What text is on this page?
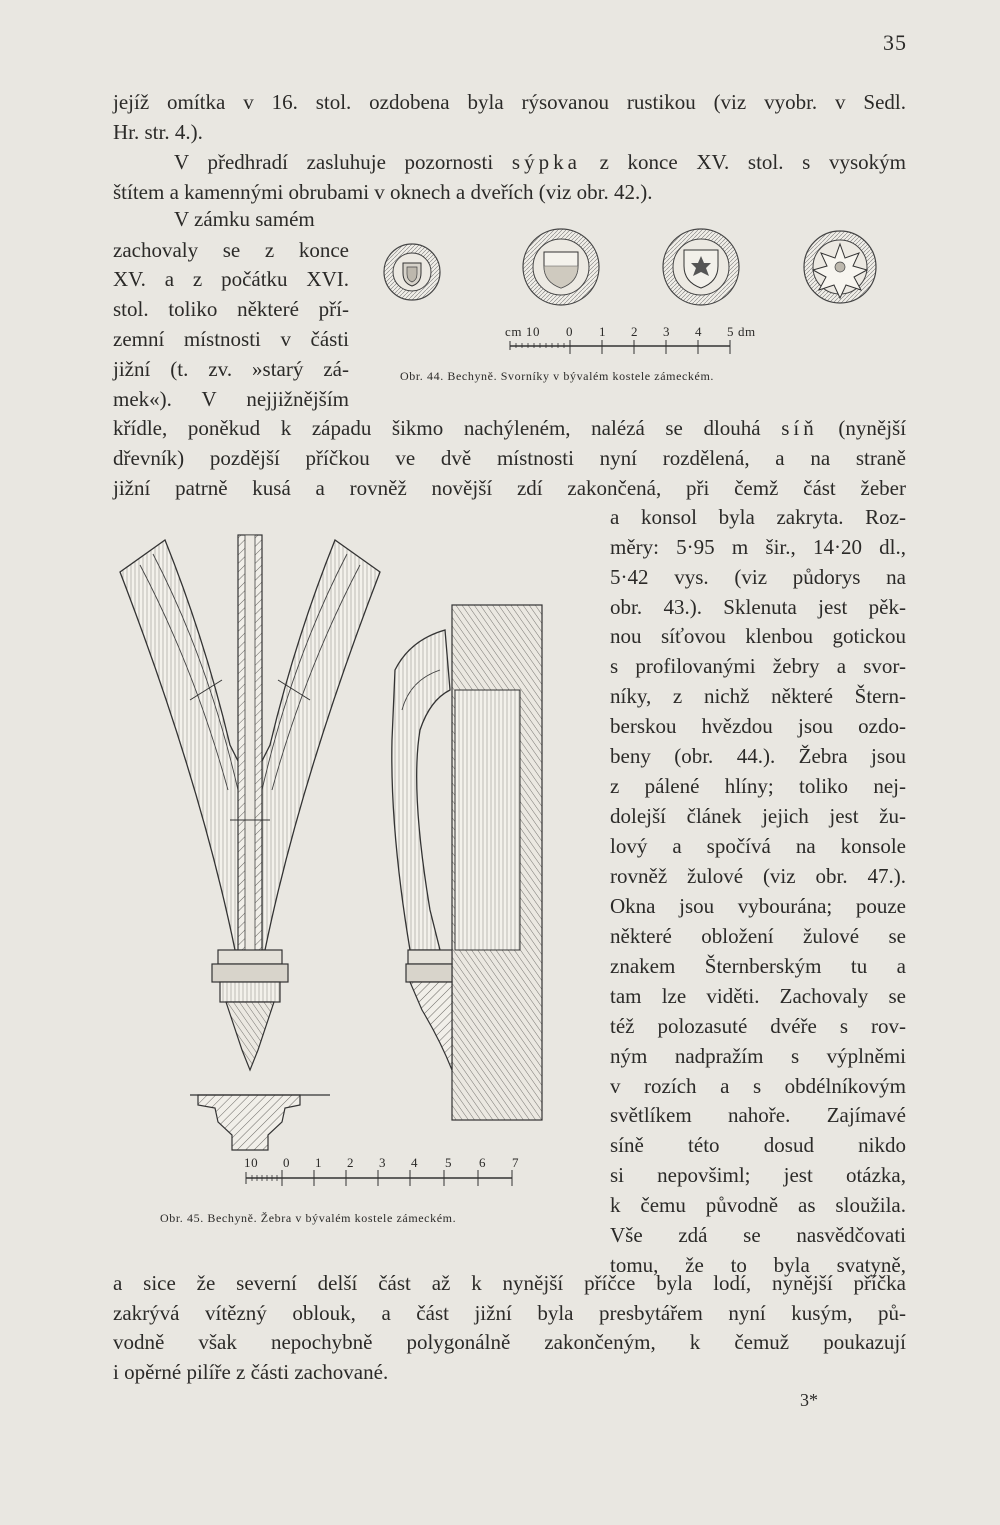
35
jejíž omítka v 16. stol. ozdobena byla rýsovanou rustikou (viz vyobr. v Sedl.
Hr. str. 4.).
V předhradí zasluhuje pozornosti sýpka z konce XV. stol. s vysokým
štítem a kamennými obrubami v oknech a dveřích (viz obr. 42.).
V zámku samém
zachovaly se z konce
XV. a z počátku XVI.
stol. toliko některé pří-
zemní místnosti v části
jižní (t. zv. »starý zá-
mek«). V nejjižnějším
cm 10 0 1 2 3 4 5 dm
Obr. 44. Bechyně. Svorníky v bývalém kostele zámeckém.
křídle, poněkud k západu šikmo nachýleném, nalézá se dlouhá síň (nynější
dřevník) pozdější příčkou ve dvě místnosti nyní rozdělená, a na straně
jižní patrně kusá a rovněž novější zdí zakončená, při čemž část žeber
a konsol byla zakryta. Roz-
měry: 5·95 m šir., 14·20 dl.,
5·42 vys. (viz půdorys na
obr. 43.). Sklenuta jest pěk-
nou síťovou klenbou gotickou
s profilovanými žebry a svor-
níky, z nichž některé Štern-
berskou hvězdou jsou ozdo-
beny (obr. 44.). Žebra jsou
z pálené hlíny; toliko nej-
dolejší článek jejich jest žu-
lový a spočívá na konsole
rovněž žulové (viz obr. 47.).
Okna jsou vybourána; pouze
některé obložení žulové se
znakem Šternberským tu a
tam lze viděti. Zachovaly se
též polozasuté dvéře s rov-
ným nadpražím s výplněmi
v rozích a s obdélníkovým
světlíkem nahoře. Zajímavé
síně této dosud nikdo
si nepovšiml; jest otázka,
k čemu původně as sloužila.
Vše zdá se nasvědčovati
tomu, že to byla svatyně,
10 0 1 2 3 4 5 6 7
Obr. 45. Bechyně. Žebra v bývalém kostele zámeckém.
a sice že severní delší část až k nynější příčce byla lodí, nynější příčka
zakrývá vítězný oblouk, a část jižní byla presbytářem nyní kusým, pů-
vodně však nepochybně polygonálně zakončeným, k čemuž poukazují
i opěrné pilíře z části zachované.
3*
